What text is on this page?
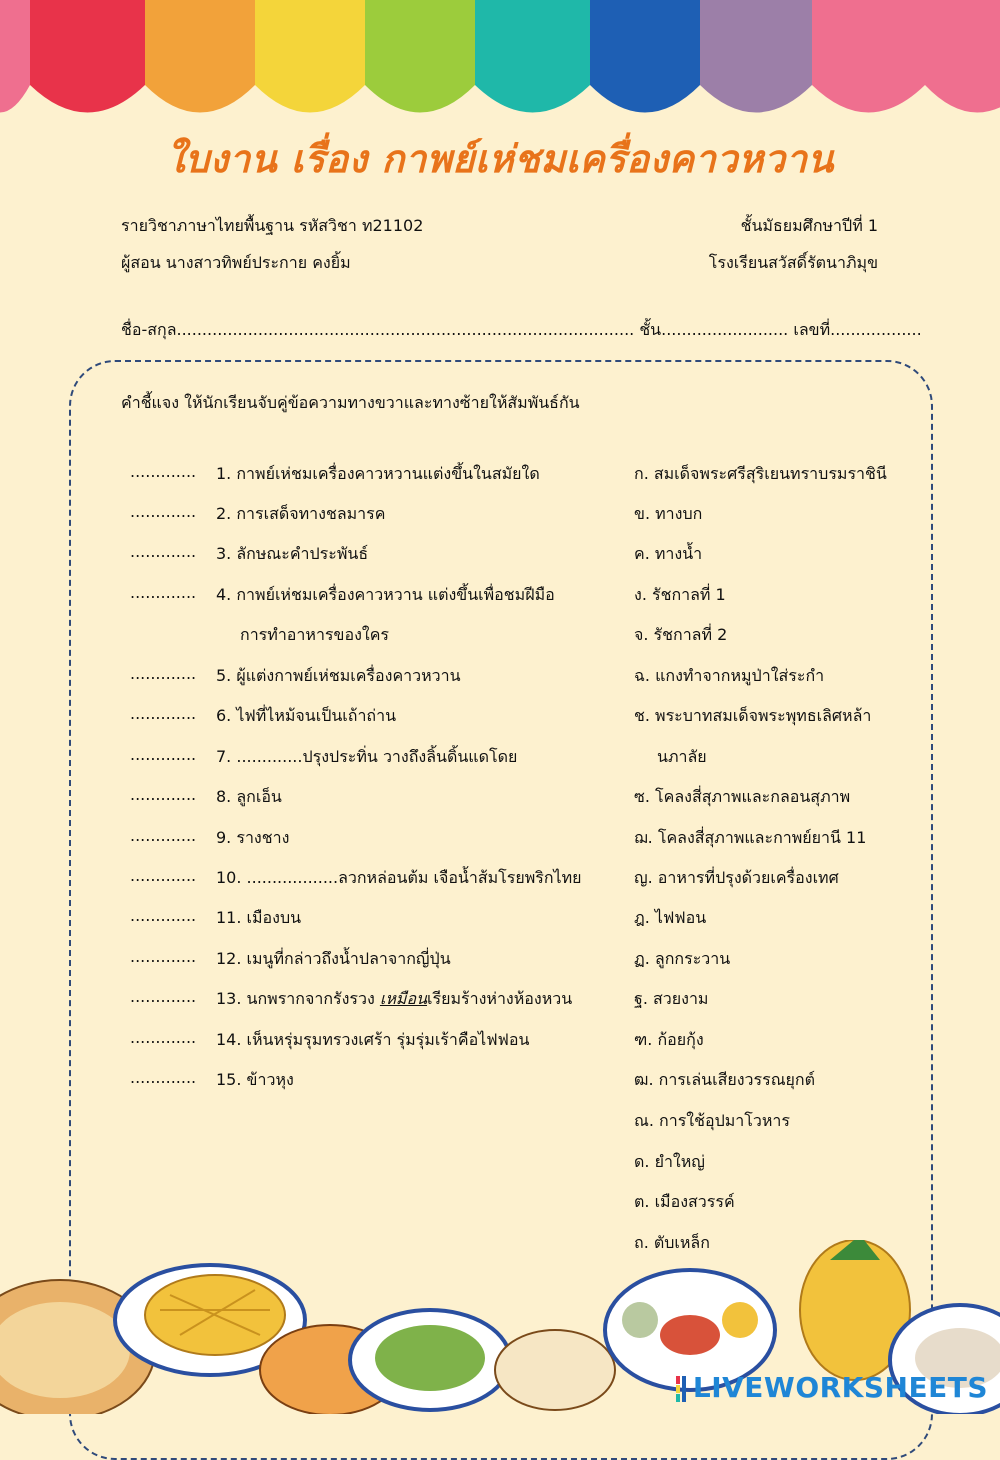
ใบงาน เรื่อง กาพย์เห่ชมเครื่องคาวหวาน
รายวิชาภาษาไทยพื้นฐาน รหัสวิชา ท21102	ชั้นมัธยมศึกษาปีที่ 1
ผู้สอน นางสาวทิพย์ประกาย คงยิ้ม	โรงเรียนสวัสดิ์รัตนาภิมุข
ชื่อ-สกุล.......................................................................................... ชั้น......................... เลขที่..................
คำชี้แจง ให้นักเรียนจับคู่ข้อความทางขวาและทางซ้ายให้สัมพันธ์กัน
............. 1. กาพย์เห่ชมเครื่องคาวหวานแต่งขึ้นในสมัยใด	ก. สมเด็จพระศรีสุริเยนทราบรมราชินี
............. 2. การเสด็จทางชลมารค	ข. ทางบก
............. 3. ลักษณะคำประพันธ์	ค. ทางน้ำ
............. 4. กาพย์เห่ชมเครื่องคาวหวาน แต่งขึ้นเพื่อชมฝีมือ	ง. รัชกาลที่ 1
การทำอาหารของใคร	จ. รัชกาลที่ 2
............. 5. ผู้แต่งกาพย์เห่ชมเครื่องคาวหวาน	ฉ. แกงทำจากหมูป่าใส่ระกำ
............. 6. ไฟที่ไหม้จนเป็นเถ้าถ่าน	ช. พระบาทสมเด็จพระพุทธเลิศหล้า
............. 7. .............ปรุงประทิ่น วางถึงลิ้นดิ้นแดโดย	นภาลัย
............. 8. ลูกเอ็น	ซ. โคลงสี่สุภาพและกลอนสุภาพ
............. 9. รางชาง	ฌ. โคลงสี่สุภาพและกาพย์ยานี 11
............. 10. ..................ลวกหล่อนต้ม เจือน้ำส้มโรยพริกไทย	ญ. อาหารที่ปรุงด้วยเครื่องเทศ
............. 11. เมืองบน	ฎ. ไฟฟอน
............. 12. เมนูที่กล่าวถึงน้ำปลาจากญี่ปุ่น	ฏ. ลูกกระวาน
............. 13. นกพรากจากรังรวง เหมือนเรียมร้างห่างห้องหวน	ฐ. สวยงาม
............. 14. เห็นหรุ่มรุมทรวงเศร้า รุ่มรุ่มเร้าคือไฟฟอน	ฑ. ก้อยกุ้ง
............. 15. ข้าวหุง	ฒ. การเล่นเสียงวรรณยุกต์
ณ. การใช้อุปมาโวหาร
ด. ยำใหญ่
ต. เมืองสวรรค์
ถ. ตับเหล็ก
LIVEWORKSHEETS
